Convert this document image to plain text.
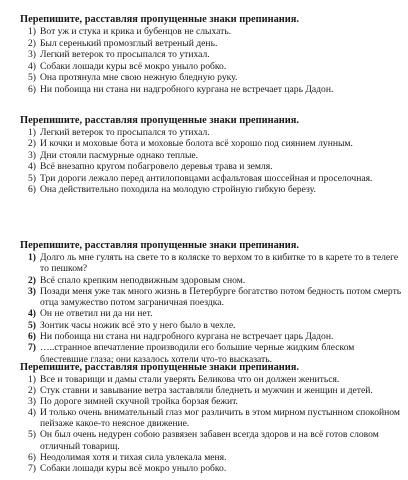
Перепишите, расставляя пропущенные знаки препинания.
1) Вот уж и стука и крика и бубенцов не слыхать.
2) Был серенький промозглый ветреный день.
3) Легкий ветерок то просыпался то утихал.
4) Собаки лошади куры всё мокро уныло робко.
5) Она протянула мне свою нежную бледную руку.
6) Ни побоища ни стана ни надгробного кургана не встречает царь Дадон.
Перепишите, расставляя пропущенные знаки препинания.
1) Легкий ветерок то просыпался то утихал.
2) И кочки и моховые бота и моховые болота всё хорошо под сиянием лунным.
3) Дни стояли пасмурные однако теплые.
4) Всё внезапно кругом побагровело деревья трава и земля.
5) Три дороги лежало перед антилоповцами асфальтовая шоссейная и проселочная.
6) Она действительно походила на молодую стройную гибкую березу.
Перепишите, расставляя пропущенные знаки препинания.
1) Долго ль мне гулять на свете то в коляске то верхом то в кибитке то в карете то в телеге то пешком?
2) Всё спало крепким неподвижным здоровым сном.
3) Позади меня уже так много жизнь в Петербурге богатство потом бедность потом смерть отца замужество потом заграничная поездка.
4) Он не ответил ни да ни нет.
5) Зонтик часы ножик всё это у него было в чехле.
6) Ни побоища ни стана ни надгробного кургана не встречает царь Дадон.
7) …..странное впечатление производили его большие черные жидким блеском блестевшие глаза; они казалось хотели что-то высказать.
Перепишите, расставляя пропущенные знаки препинания.
1) Все и товарищи и дамы стали уверять Беликова что он должен жениться.
2) Стук ставни и завывание ветра заставляли бледнеть и мужчин и женщин и детей.
3) По дороге зимней скучной тройка борзая бежит.
4) И только очень внимательный глаз мог различить в этом мирном пустынном спокойном пейзаже какое-то неясное движение.
5) Он был очень недурен собою развязен забавен всегда здоров и на всё готов словом отличный товарищ.
6) Неодолимая хотя и тихая сила увлекала меня.
7) Собаки лошади куры всё мокро уныло робко.
